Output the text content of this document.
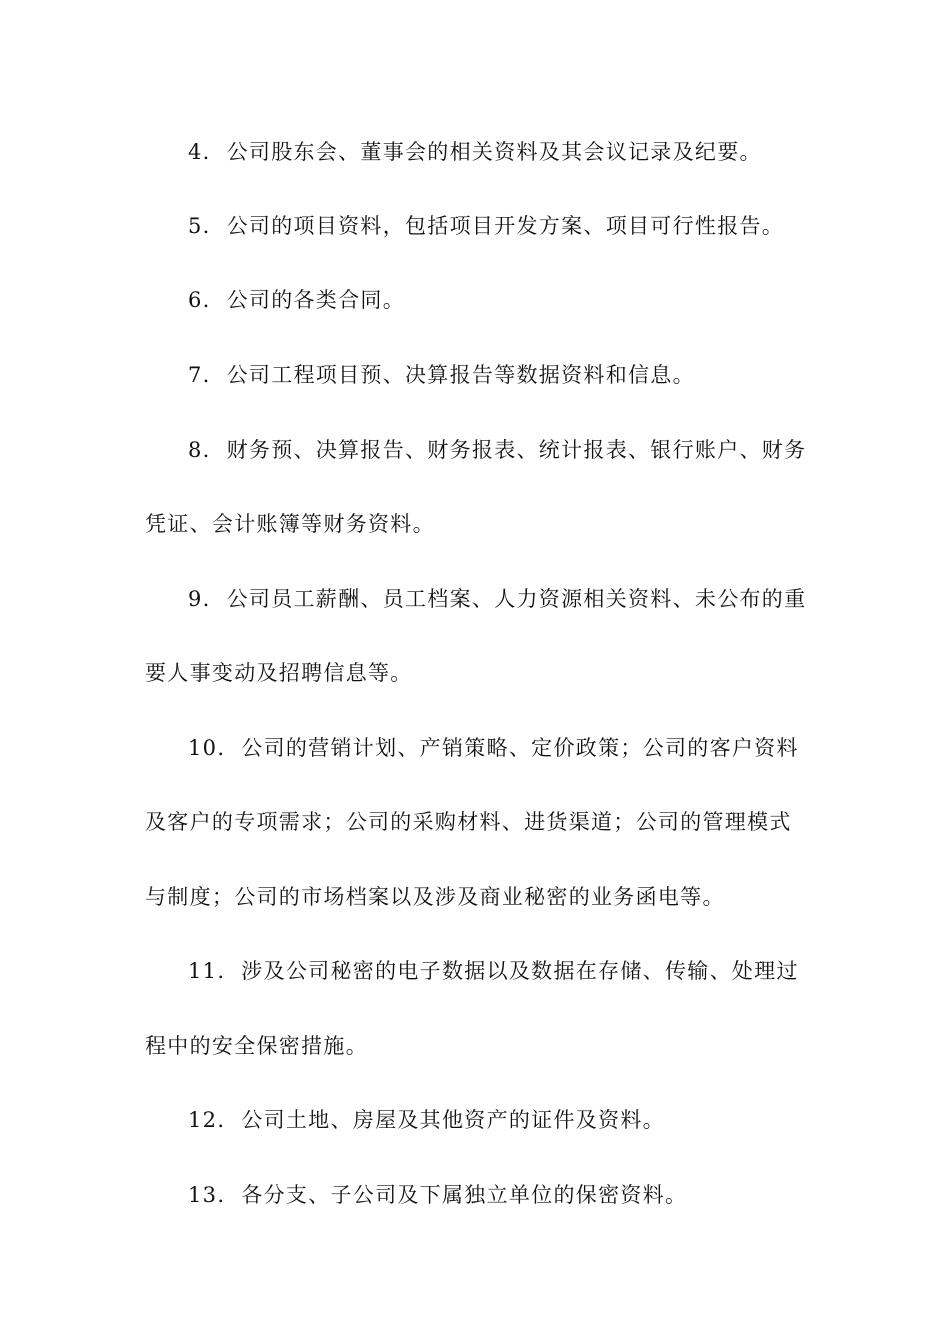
4. 公司股东会、董事会的相关资料及其会议记录及纪要。
5. 公司的项目资料，包括项目开发方案、项目可行性报告。
6. 公司的各类合同。
7. 公司工程项目预、决算报告等数据资料和信息。
8. 财务预、决算报告、财务报表、统计报表、银行账户、财务
凭证、会计账簿等财务资料。
9. 公司员工薪酬、员工档案、人力资源相关资料、未公布的重
要人事变动及招聘信息等。
10. 公司的营销计划、产销策略、定价政策；公司的客户资料
及客户的专项需求；公司的采购材料、进货渠道；公司的管理模式
与制度；公司的市场档案以及涉及商业秘密的业务函电等。
11. 涉及公司秘密的电子数据以及数据在存储、传输、处理过
程中的安全保密措施。
12. 公司土地、房屋及其他资产的证件及资料。
13. 各分支、子公司及下属独立单位的保密资料。
